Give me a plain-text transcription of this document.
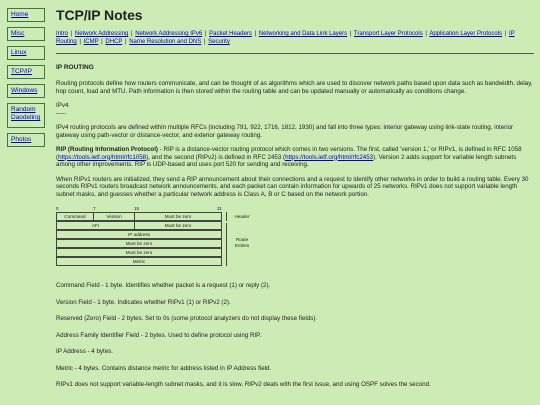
Home
Misc
Linux
TCP/IP
Windows
Random Daodeling
Photos
TCP/IP Notes
Intro | Network Addressing | Network Addressing IPv6 | Packet Headers | Networking and Data Link Layers | Transport Layer Protocols | Application Layer Protocols | IP Routing | ICMP | DHCP | Name Resolution and DNS | Security
IP ROUTING

Routing protocols define how routers communicate, and can be thought of as algorithms which are used to discover network paths based upon data such as bandwidth, delay, hop count, load and MTU. Path information is then stored within the routing table and can be updated manually or automatically as conditions change.

IPv4

-----

IPv4 routing protocols are defined within multiple RFCs (including 791, 922, 1716, 1812, 1930) and fall into three types: interior gateway using link-state routing, interior gateway using path-vector or distance-vector, and exterior gateway routing.

RIP (Routing Information Protocol) - RIP is a distance-vector routing protocol which comes in two versions. The first, called 'version 1,' or RIPv1, is defined in RFC 1058 (https://tools.ietf.org/html/rfc1058), and the second (RIPv2) is defined in RFC 2453 (https://tools.ietf.org/html/rfc2453). Version 2 adds support for variable length subnets among other improvements. RIP is UDP-based and uses port 520 for sending and receiving.

When RIPv1 routers are initialized, they send a RIP announcement about their connections and a request to identify other networks in order to build a routing table. Every 30 seconds RIPv1 routers broadcast network announcements, and each packet can contain information for upwards of 25 networks. RIPv1 does not support variable length subnet masks, and guesses whether a particular network address is Class A, B or C based on the network portion.

0	7	15	31
Command	Version	Must be zero
AFI	Must be zero
IP address
Must be zero
Must be zero
Metric
Header
Route Entries

Command Field - 1 byte. Identifies whether packet is a request (1) or reply (2).

Version Field - 1 byte. Indicates whether RIPv1 (1) or RIPv2 (2).

Reserved (Zero) Field - 2 bytes. Set to 0s (some protocol analyzers do not display these fields).

Address Family Identifier Field - 2 bytes. Used to define protocol using RIP.

IP Address - 4 bytes.

Metric - 4 bytes. Contains distance metric for address listed in IP Address field.

RIPv1 does not support variable-length subnet masks, and it is slow. RIPv2 deals with the first issue, and using OSPF solves the second.
